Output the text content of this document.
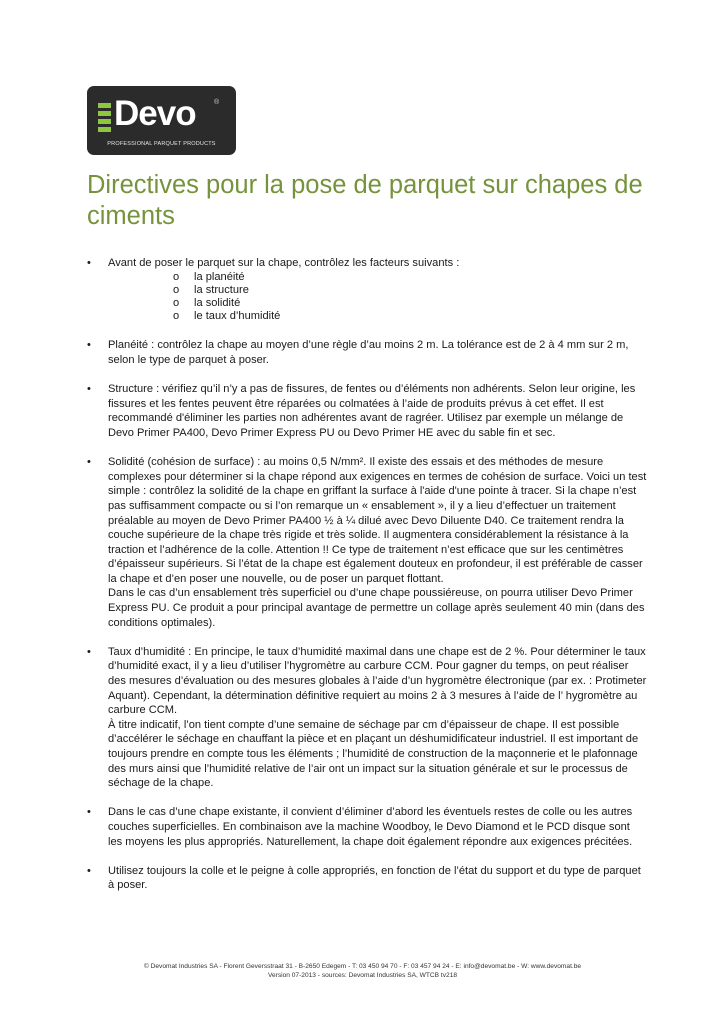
Devo	®
PROFESSIONAL PARQUET PRODUCTS
Directives pour la pose de parquet sur chapes de ciments
•	Avant de poser le parquet sur la chape, contrôlez les facteurs suivants :

o la planéité
o la structure
o la solidité
o le taux d’humidité
•	Planéité : contrôlez la chape au moyen d’une règle d’au moins 2 m. La tolérance est de 2 à 4 mm sur 2 m, selon le type de parquet à poser.

•	Structure : vérifiez qu’il n’y a pas de fissures, de fentes ou d’éléments non adhérents. Selon leur origine, les fissures et les fentes peuvent être réparées ou colmatées à l’aide de produits prévus à cet effet. Il est recommandé d'éliminer les parties non adhérentes avant de ragréer. Utilisez par exemple un mélange de Devo Primer PA400, Devo Primer Express PU ou Devo Primer HE avec du sable fin et sec.

•	Solidité (cohésion de surface) : au moins 0,5 N/mm². Il existe des essais et des méthodes de mesure complexes pour déterminer si la chape répond aux exigences en termes de cohésion de surface. Voici un test simple : contrôlez la solidité de la chape en griffant la surface à l'aide d'une pointe à tracer. Si la chape n’est pas suffisamment compacte ou si l’on remarque un « ensablement », il y a lieu d’effectuer un traitement préalable au moyen de Devo Primer PA400 ½ à ¼ dilué avec Devo Diluente D40. Ce traitement rendra la couche supérieure de la chape très rigide et très solide. Il augmentera considérablement la résistance à la traction et l’adhérence de la colle. Attention !! Ce type de traitement n’est efficace que sur les centimètres d’épaisseur supérieurs. Si l’état de la chape est également douteux en profondeur, il est préférable de casser la chape et d’en poser une nouvelle, ou de poser un parquet flottant.

Dans le cas d’un ensablement très superficiel ou d’une chape poussiéreuse, on pourra utiliser Devo Primer Express PU. Ce produit a pour principal avantage de permettre un collage après seulement 40 min (dans des conditions optimales).

•	Taux d’humidité : En principe, le taux d’humidité maximal dans une chape est de 2 %. Pour déterminer le taux d’humidité exact, il y a lieu d’utiliser l’hygromètre au carbure CCM. Pour gagner du temps, on peut réaliser des mesures d’évaluation ou des mesures globales à l’aide d’un hygromètre électronique (par ex. : Protimeter Aquant). Cependant, la détermination définitive requiert au moins 2 à 3 mesures à l’aide de l’ hygromètre au carbure CCM.

À titre indicatif, l’on tient compte d’une semaine de séchage par cm d’épaisseur de chape. Il est possible d’accélérer le séchage en chauffant la pièce et en plaçant un déshumidificateur industriel. Il est important de toujours prendre en compte tous les éléments ; l’humidité de construction de la maçonnerie et le plafonnage des murs ainsi que l’humidité relative de l’air ont un impact sur la situation générale et sur le processus de séchage de la chape.

•	Dans le cas d’une chape existante, il convient d’éliminer d’abord les éventuels restes de colle ou les autres couches superficielles. En combinaison ave la machine Woodboy, le Devo Diamond et le PCD disque sont les moyens les plus appropriés. Naturellement, la chape doit également répondre aux exigences précitées.

•	Utilisez toujours la colle et le peigne à colle appropriés, en fonction de l’état du support et du type de parquet à poser.

© Devomat Industries SA - Florent Geversstraat 31 - B-2650 Edegem - T: 03 450 94 70 - F: 03 457 94 24 - E: info@devomat.be - W: www.devomat.be
Version 07-2013 - sources: Devomat Industries SA, WTCB tv218
